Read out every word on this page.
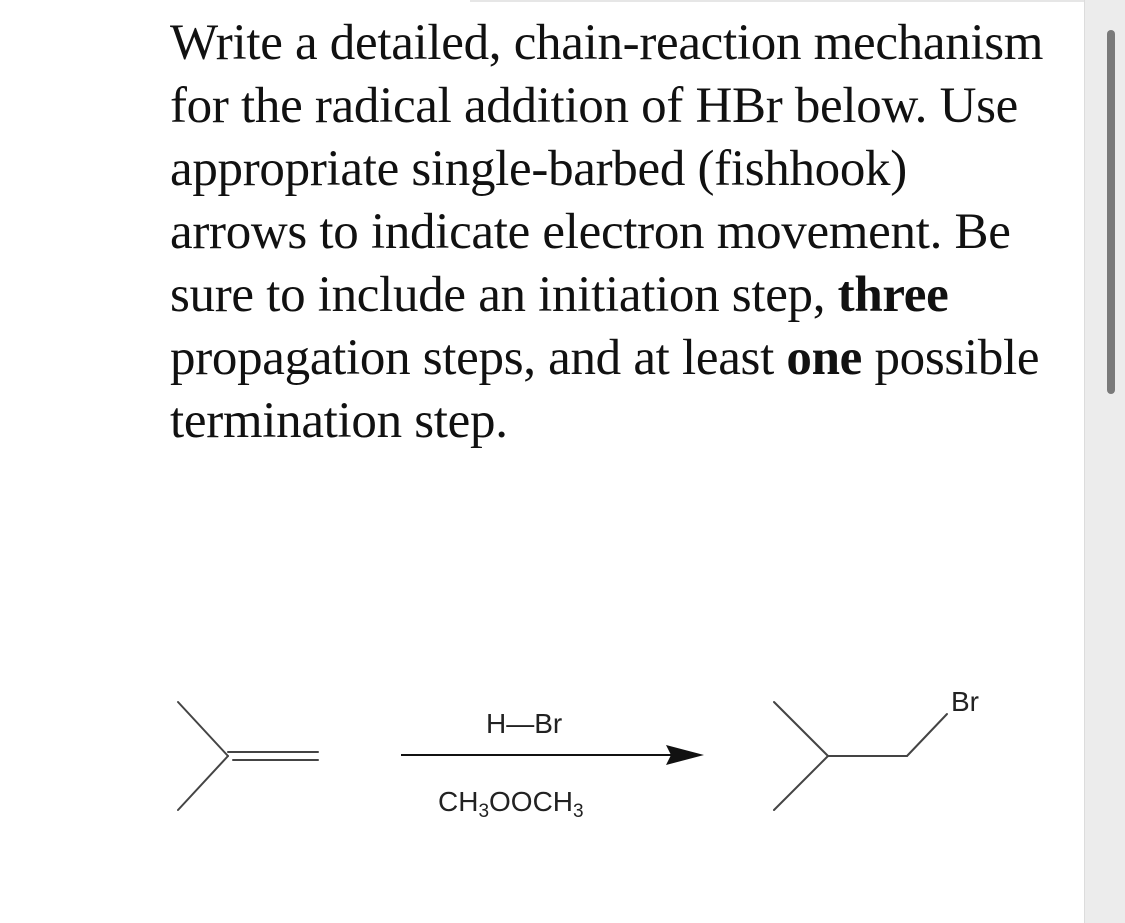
Write a detailed, chain-reaction mechanism for the radical addition of HBr below. Use appropriate single-barbed (fishhook) arrows to indicate electron movement. Be sure to include an initiation step, three propagation steps, and at least one possible termination step.

H—Br
$CH_3OOCH_3$
Br
